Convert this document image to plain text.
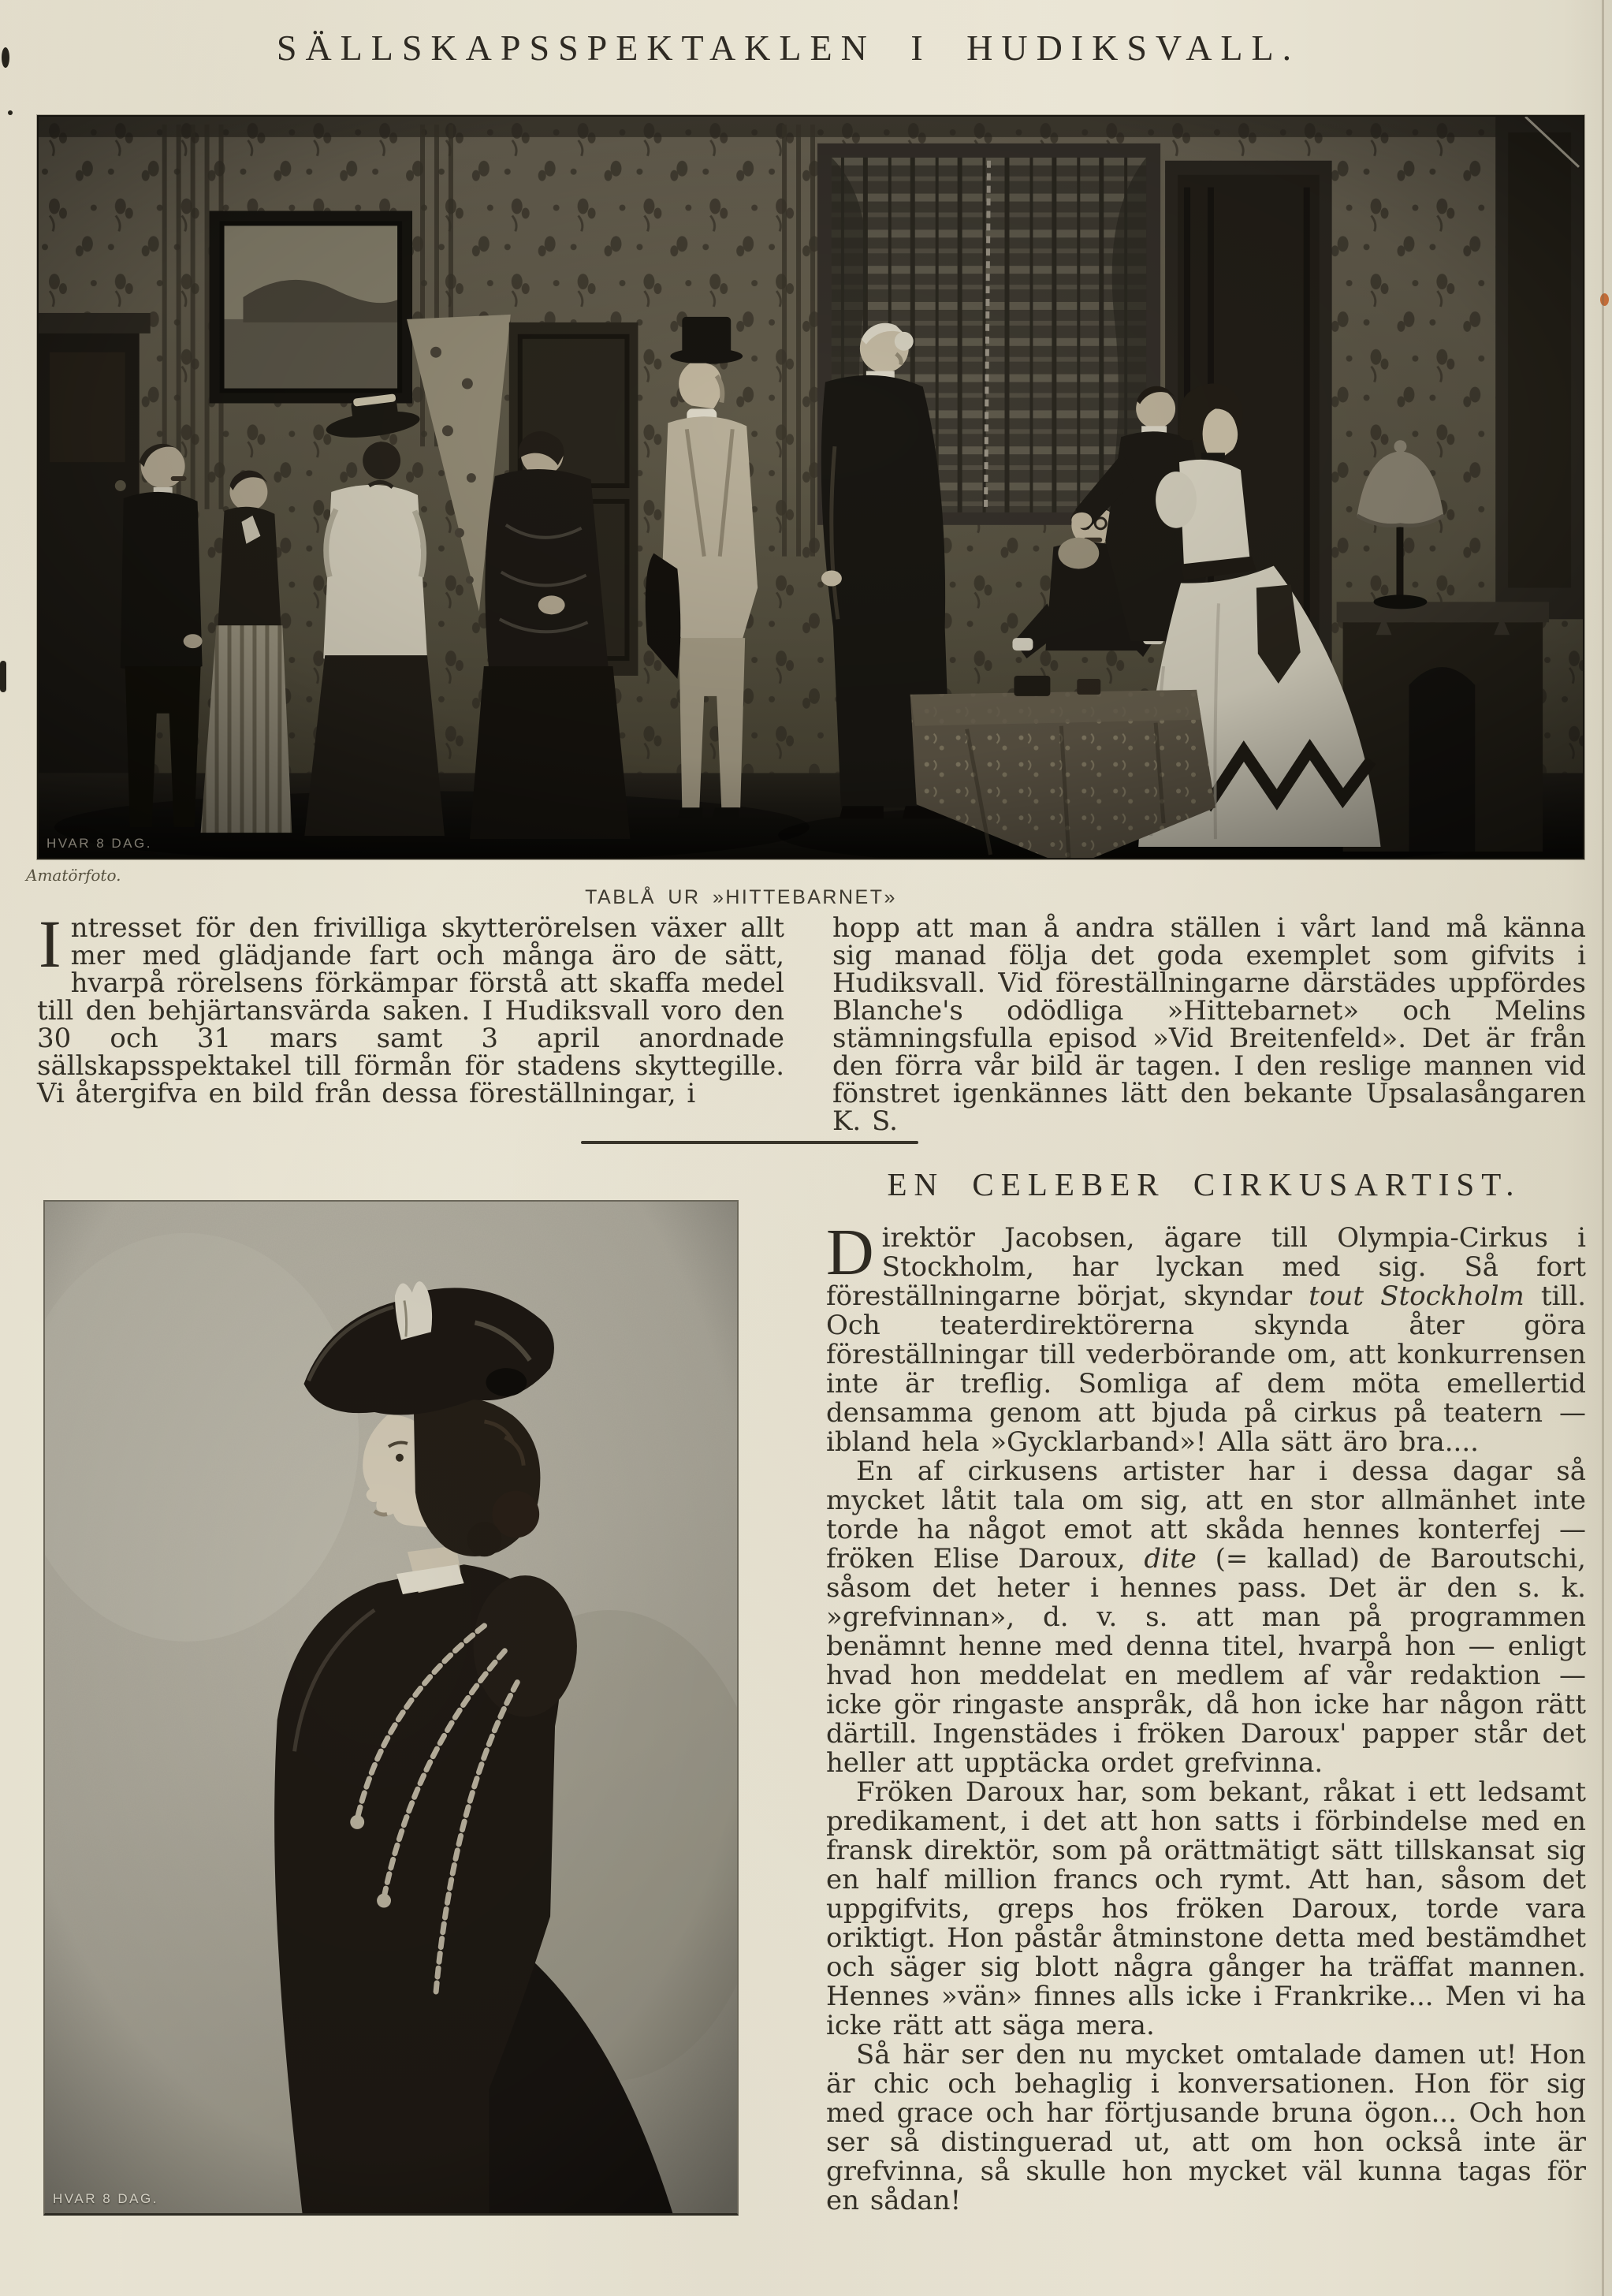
SÄLLSKAPSSPEKTAKLEN I HUDIKSVALL.
HVAR 8 DAG.
Amatörfoto.
TABLÅ UR »HITTEBARNET»
Intresset för den frivilliga skytterörelsen växer allt mer med glädjande fart och många äro de sätt, hvarpå rörelsens förkämpar förstå att skaffa medel till den behjärtansvärda saken. I Hudiksvall voro den 30 och 31 mars samt 3 april anordnade sällskapsspektakel till förmån för stadens skyttegille. Vi återgifva en bild från dessa föreställningar, i
hopp att man å andra ställen i vårt land må känna sig manad följa det goda exemplet som gifvits i Hudiksvall. Vid föreställningarne därstädes uppfördes Blanche's odödliga »Hittebarnet» och Melins stämningsfulla episod »Vid Breitenfeld». Det är från den förra vår bild är tagen. I den reslige mannen vid fönstret igenkännes lätt den bekante Upsalasångaren K. S.
HVAR 8 DAG.
EN CELEBER CIRKUSARTIST.

Direktör Jacobsen, ägare till Olympia-Cirkus i Stockholm, har lyckan med sig. Så fort föreställningarne börjat, skyndar tout Stockholm till. Och teaterdirektörerna skynda åter göra föreställningar till vederbörande om, att konkurrensen inte är treflig. Somliga af dem möta emellertid densamma genom att bjuda på cirkus på teatern — ibland hela »Gycklarband»! Alla sätt äro bra....

En af cirkusens artister har i dessa dagar så mycket låtit tala om sig, att en stor allmänhet inte torde ha något emot att skåda hennes konterfej — fröken Elise Daroux, dite (= kallad) de Baroutschi, såsom det heter i hennes pass. Det är den s. k. »grefvinnan», d. v. s. att man på programmen benämnt henne med denna titel, hvarpå hon — enligt hvad hon meddelat en medlem af vår redaktion — icke gör ringaste anspråk, då hon icke har någon rätt därtill. Ingenstädes i fröken Daroux' papper står det heller att upptäcka ordet grefvinna.

Fröken Daroux har, som bekant, råkat i ett ledsamt predikament, i det att hon satts i förbindelse med en fransk direktör, som på orättmätigt sätt tillskansat sig en half million francs och rymt. Att han, såsom det uppgifvits, greps hos fröken Daroux, torde vara oriktigt. Hon påstår åtminstone detta med bestämdhet och säger sig blott några gånger ha träffat mannen. Hennes »vän» finnes alls icke i Frankrike... Men vi ha icke rätt att säga mera.

Så här ser den nu mycket omtalade damen ut! Hon är chic och behaglig i konversationen. Hon för sig med grace och har förtjusande bruna ögon... Och hon ser så distinguerad ut, att om hon också inte är grefvinna, så skulle hon mycket väl kunna tagas för en sådan!
